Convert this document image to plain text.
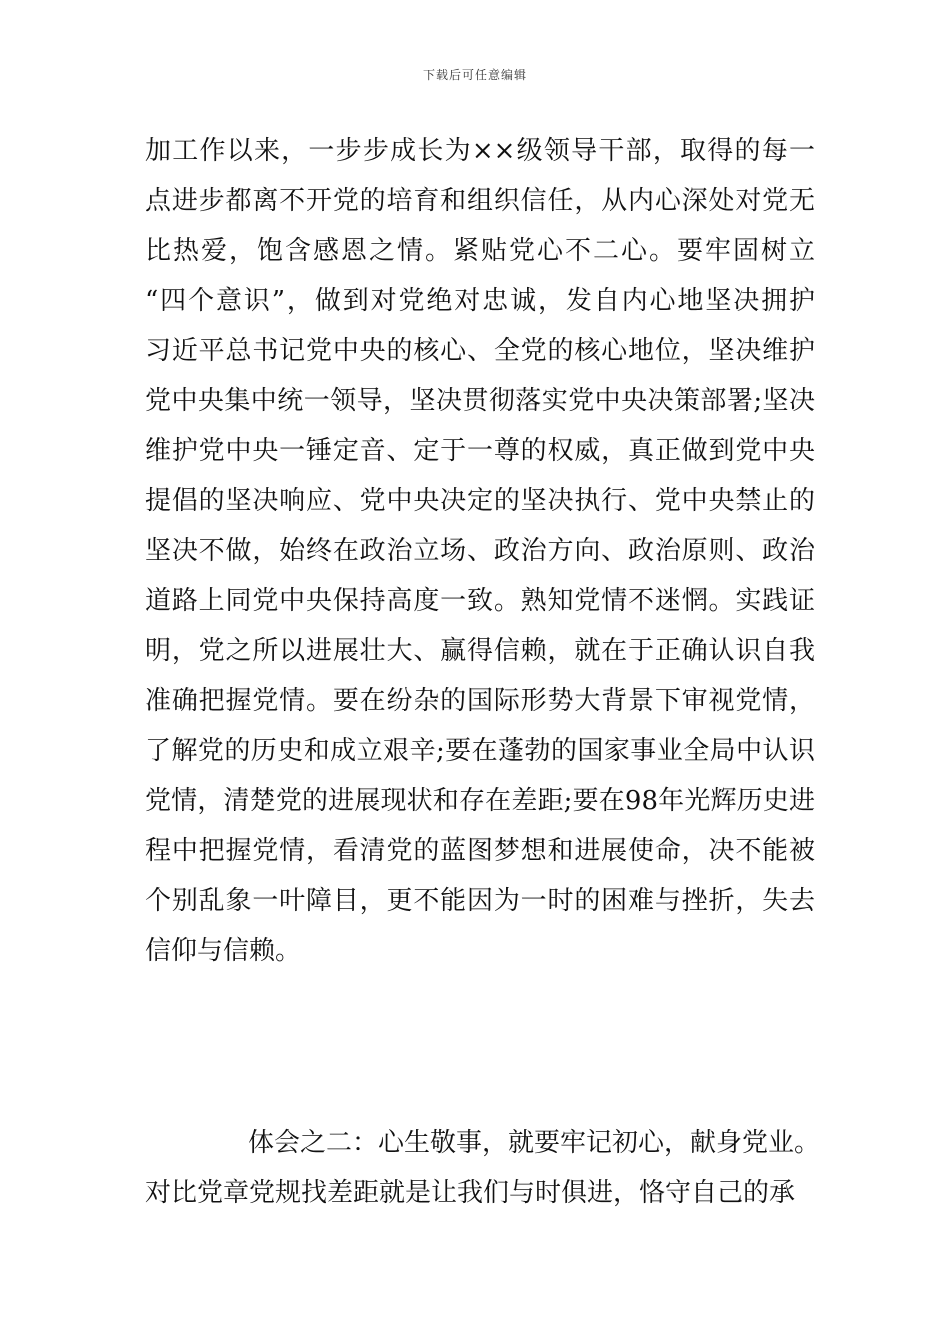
下载后可任意编辑
加工作以来，一步步成长为××级领导干部，取得的每一
点进步都离不开党的培育和组织信任，从内心深处对党无
比热爱，饱含感恩之情。紧贴党心不二心。要牢固树立
“四个意识”，做到对党绝对忠诚，发自内心地坚决拥护
习近平总书记党中央的核心、全党的核心地位，坚决维护
党中央集中统一领导，坚决贯彻落实党中央决策部署;坚决
维护党中央一锤定音、定于一尊的权威，真正做到党中央
提倡的坚决响应、党中央决定的坚决执行、党中央禁止的
坚决不做，始终在政治立场、政治方向、政治原则、政治
道路上同党中央保持高度一致。熟知党情不迷惘。实践证
明，党之所以进展壮大、赢得信赖，就在于正确认识自我
准确把握党情。要在纷杂的国际形势大背景下审视党情，
了解党的历史和成立艰辛;要在蓬勃的国家事业全局中认识
党情，清楚党的进展现状和存在差距;要在98年光辉历史进
程中把握党情，看清党的蓝图梦想和进展使命，决不能被
个别乱象一叶障目，更不能因为一时的困难与挫折，失去
信仰与信赖。
体会之二：心生敬事，就要牢记初心，献身党业。
对比党章党规找差距就是让我们与时俱进，恪守自己的承
